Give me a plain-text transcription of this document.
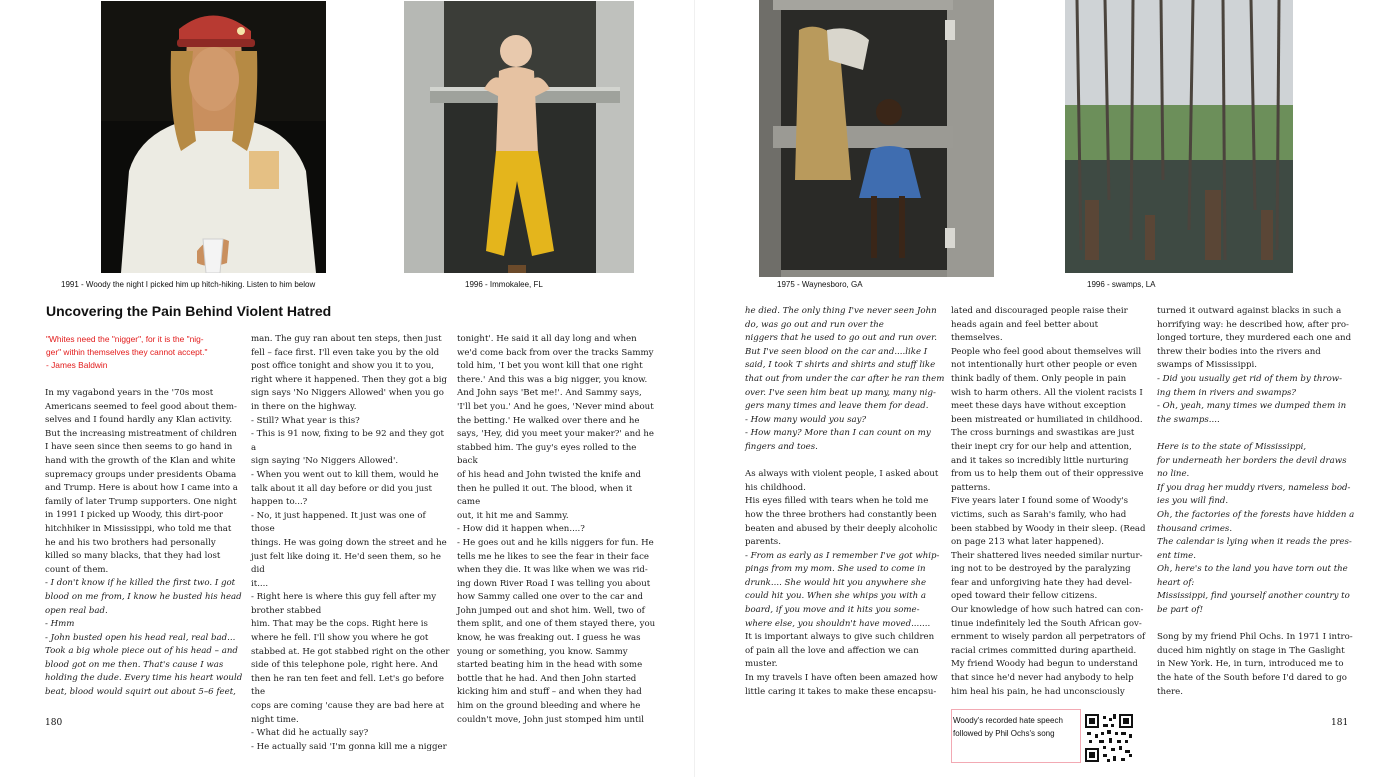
1991 - Woody the night I picked him up hitch-hiking. Listen to him below	1996 - Immokalee, FL	1975 - Waynesboro, GA	1996 - swamps, LA
Uncovering the Pain Behind Violent Hatred

"Whites need the "nigger", for it is the "nig-

ger" within themselves they cannot accept."

- James Baldwin

In my vagabond years in the '70s most

Americans seemed to feel good about them-

selves and I found hardly any Klan activity.

But the increasing mistreatment of children

I have seen since then seems to go hand in

hand with the growth of the Klan and white

supremacy groups under presidents Obama

and Trump. Here is about how I came into a

family of later Trump supporters. One night

in 1991 I picked up Woody, this dirt-poor

hitchhiker in Mississippi, who told me that

he and his two brothers had personally

killed so many blacks, that they had lost

count of them.

- I don't know if he killed the first two. I got

blood on me from, I know he busted his head

open real bad.

- Hmm

- John busted open his head real, real bad...

Took a big whole piece out of his head – and

blood got on me then. That's cause I was

holding the dude. Every time his heart would

beat, blood would squirt out about 5–6 feet,

man. The guy ran about ten steps, then just

fell – face first. I'll even take you by the old

post office tonight and show you it to you,

right where it happened. Then they got a big

sign says 'No Niggers Allowed' when you go

in there on the highway.

- Still? What year is this?

- This is 91 now, fixing to be 92 and they got a

sign saying 'No Niggers Allowed'.

- When you went out to kill them, would he

talk about it all day before or did you just

happen to...?

- No, it just happened. It just was one of those

things. He was going down the street and he

just felt like doing it. He'd seen them, so he did

it....

- Right here is where this guy fell after my

brother stabbed

him. That may be the cops. Right here is

where he fell. I'll show you where he got

stabbed at. He got stabbed right on the other

side of this telephone pole, right here. And

then he ran ten feet and fell. Let's go before the

cops are coming 'cause they are bad here at

night time.

- What did he actually say?

- He actually said 'I'm gonna kill me a nigger

tonight'. He said it all day long and when

we'd come back from over the tracks Sammy

told him, 'I bet you wont kill that one right

there.' And this was a big nigger, you know.

And John says 'Bet me!'. And Sammy says,

'I'll bet you.' And he goes, 'Never mind about

the betting.' He walked over there and he

says, 'Hey, did you meet your maker?' and he

stabbed him. The guy's eyes rolled to the back

of his head and John twisted the knife and

then he pulled it out. The blood, when it came

out, it hit me and Sammy.

- How did it happen when....?

- He goes out and he kills niggers for fun. He

tells me he likes to see the fear in their face

when they die. It was like when we was rid-

ing down River Road I was telling you about

how Sammy called one over to the car and

John jumped out and shot him. Well, two of

them split, and one of them stayed there, you

know, he was freaking out. I guess he was

young or something, you know. Sammy

started beating him in the head with some

bottle that he had. And then John started

kicking him and stuff – and when they had

him on the ground bleeding and where he

couldn't move, John just stomped him until

he died. The only thing I've never seen John

do, was go out and run over the

niggers that he used to go out and run over.

But I've seen blood on the car and....like I

said, I took T shirts and shirts and stuff like

that out from under the car after he ran them

over. I've seen him beat up many, many nig-

gers many times and leave them for dead.

- How many would you say?

- How many? More than I can count on my

fingers and toes.

As always with violent people, I asked about

his childhood.

His eyes filled with tears when he told me

how the three brothers had constantly been

beaten and abused by their deeply alcoholic

parents.

- From as early as I remember I've got whip-

pings from my mom. She used to come in

drunk.... She would hit you anywhere she

could hit you. When she whips you with a

board, if you move and it hits you some-

where else, you shouldn't have moved.......

It is important always to give such children

of pain all the love and affection we can

muster.

In my travels I have often been amazed how

little caring it takes to make these encapsu-

lated and discouraged people raise their

heads again and feel better about

themselves.

People who feel good about themselves will

not intentionally hurt other people or even

think badly of them. Only people in pain

wish to harm others. All the violent racists I

meet these days have without exception

been mistreated or humiliated in childhood.

The cross burnings and swastikas are just

their inept cry for our help and attention,

and it takes so incredibly little nurturing

from us to help them out of their oppressive

patterns.

Five years later I found some of Woody's

victims, such as Sarah's family, who had

been stabbed by Woody in their sleep. (Read

on page 213 what later happened).

Their shattered lives needed similar nurtur-

ing not to be destroyed by the paralyzing

fear and unforgiving hate they had devel-

oped toward their fellow citizens.

Our knowledge of how such hatred can con-

tinue indefinitely led the South African gov-

ernment to wisely pardon all perpetrators of

racial crimes committed during apartheid.

My friend Woody had begun to understand

that since he'd never had anybody to help

him heal his pain, he had unconsciously

turned it outward against blacks in such a

horrifying way: he described how, after pro-

longed torture, they murdered each one and

threw their bodies into the rivers and

swamps of Mississippi.

- Did you usually get rid of them by throw-

ing them in rivers and swamps?

- Oh, yeah, many times we dumped them in

the swamps....

Here is to the state of Mississippi,

for underneath her borders the devil draws

no line.

If you drag her muddy rivers, nameless bod-

ies you will find.

Oh, the factories of the forests have hidden a

thousand crimes.

The calendar is lying when it reads the pres-

ent time.

Oh, here's to the land you have torn out the

heart of:

Mississippi, find yourself another country to

be part of!

Song by my friend Phil Ochs. In 1971 I intro-

duced him nightly on stage in The Gaslight

in New York. He, in turn, introduced me to

the hate of the South before I'd dared to go

there.

180	181
Woody's recorded hate speech
followed by Phil Ochs's song
